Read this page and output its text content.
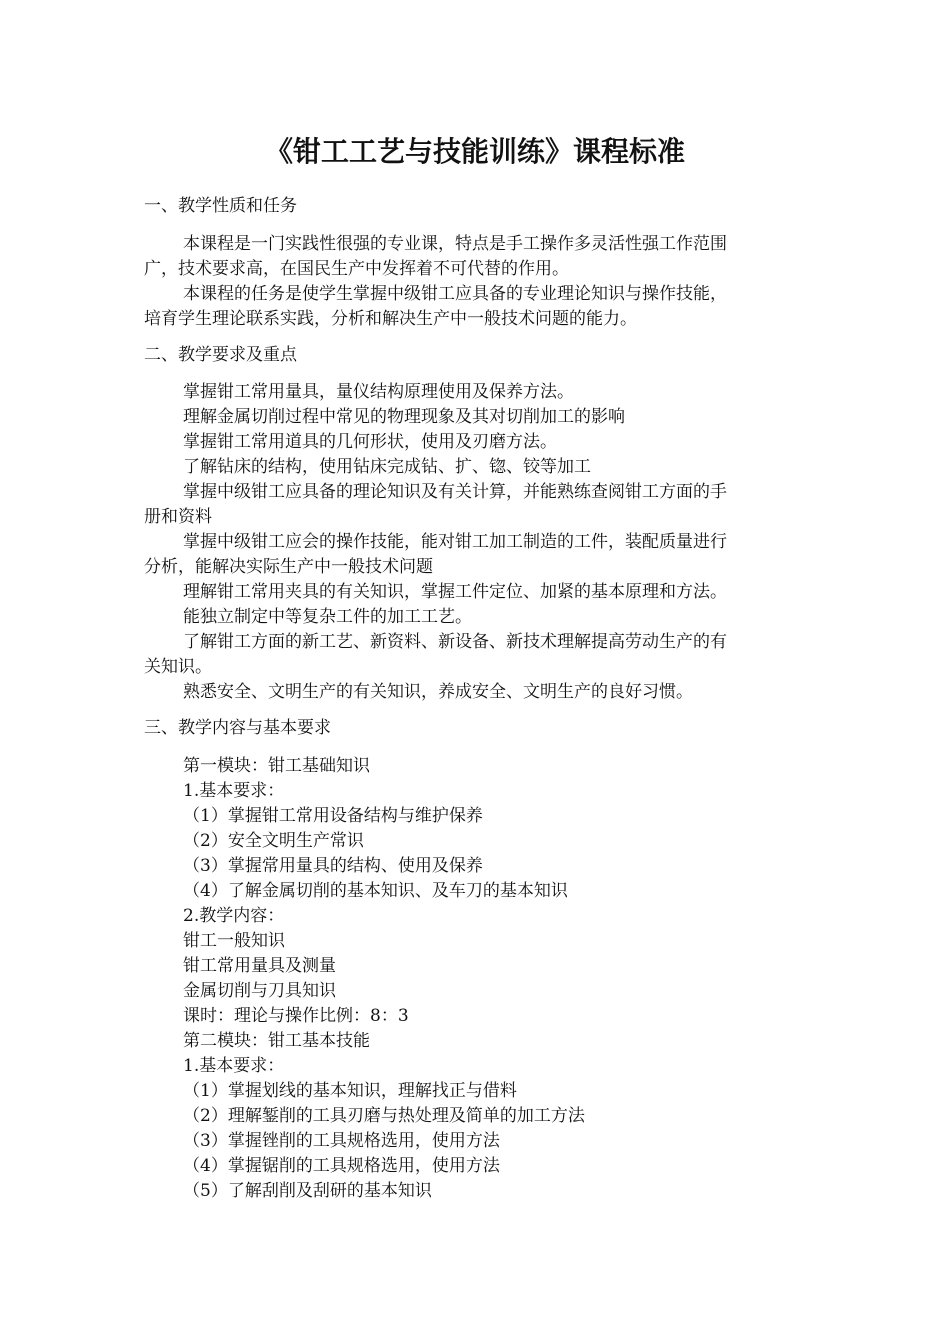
《钳工工艺与技能训练》课程标准
一、教学性质和任务
本课程是一门实践性很强的专业课，特点是手工操作多灵活性强工作范围
广，技术要求高，在国民生产中发挥着不可代替的作用。
本课程的任务是使学生掌握中级钳工应具备的专业理论知识与操作技能，
培育学生理论联系实践，分析和解决生产中一般技术问题的能力。
二、教学要求及重点
掌握钳工常用量具，量仪结构原理使用及保养方法。
理解金属切削过程中常见的物理现象及其对切削加工的影响
掌握钳工常用道具的几何形状，使用及刃磨方法。
了解钻床的结构，使用钻床完成钻、扩、锪、铰等加工
掌握中级钳工应具备的理论知识及有关计算，并能熟练查阅钳工方面的手
册和资料
掌握中级钳工应会的操作技能，能对钳工加工制造的工件，装配质量进行
分析，能解决实际生产中一般技术问题
理解钳工常用夹具的有关知识，掌握工件定位、加紧的基本原理和方法。
能独立制定中等复杂工件的加工工艺。
了解钳工方面的新工艺、新资料、新设备、新技术理解提高劳动生产的有
关知识。
熟悉安全、文明生产的有关知识，养成安全、文明生产的良好习惯。
三、教学内容与基本要求
第一模块：钳工基础知识
1.基本要求：
（1）掌握钳工常用设备结构与维护保养
（2）安全文明生产常识
（3）掌握常用量具的结构、使用及保养
（4）了解金属切削的基本知识、及车刀的基本知识
2.教学内容：
钳工一般知识
钳工常用量具及测量
金属切削与刀具知识
课时：理论与操作比例：8：3
第二模块：钳工基本技能
1.基本要求：
（1）掌握划线的基本知识，理解找正与借料
（2）理解錾削的工具刃磨与热处理及简单的加工方法
（3）掌握锉削的工具规格选用，使用方法
（4）掌握锯削的工具规格选用，使用方法
（5）了解刮削及刮研的基本知识
